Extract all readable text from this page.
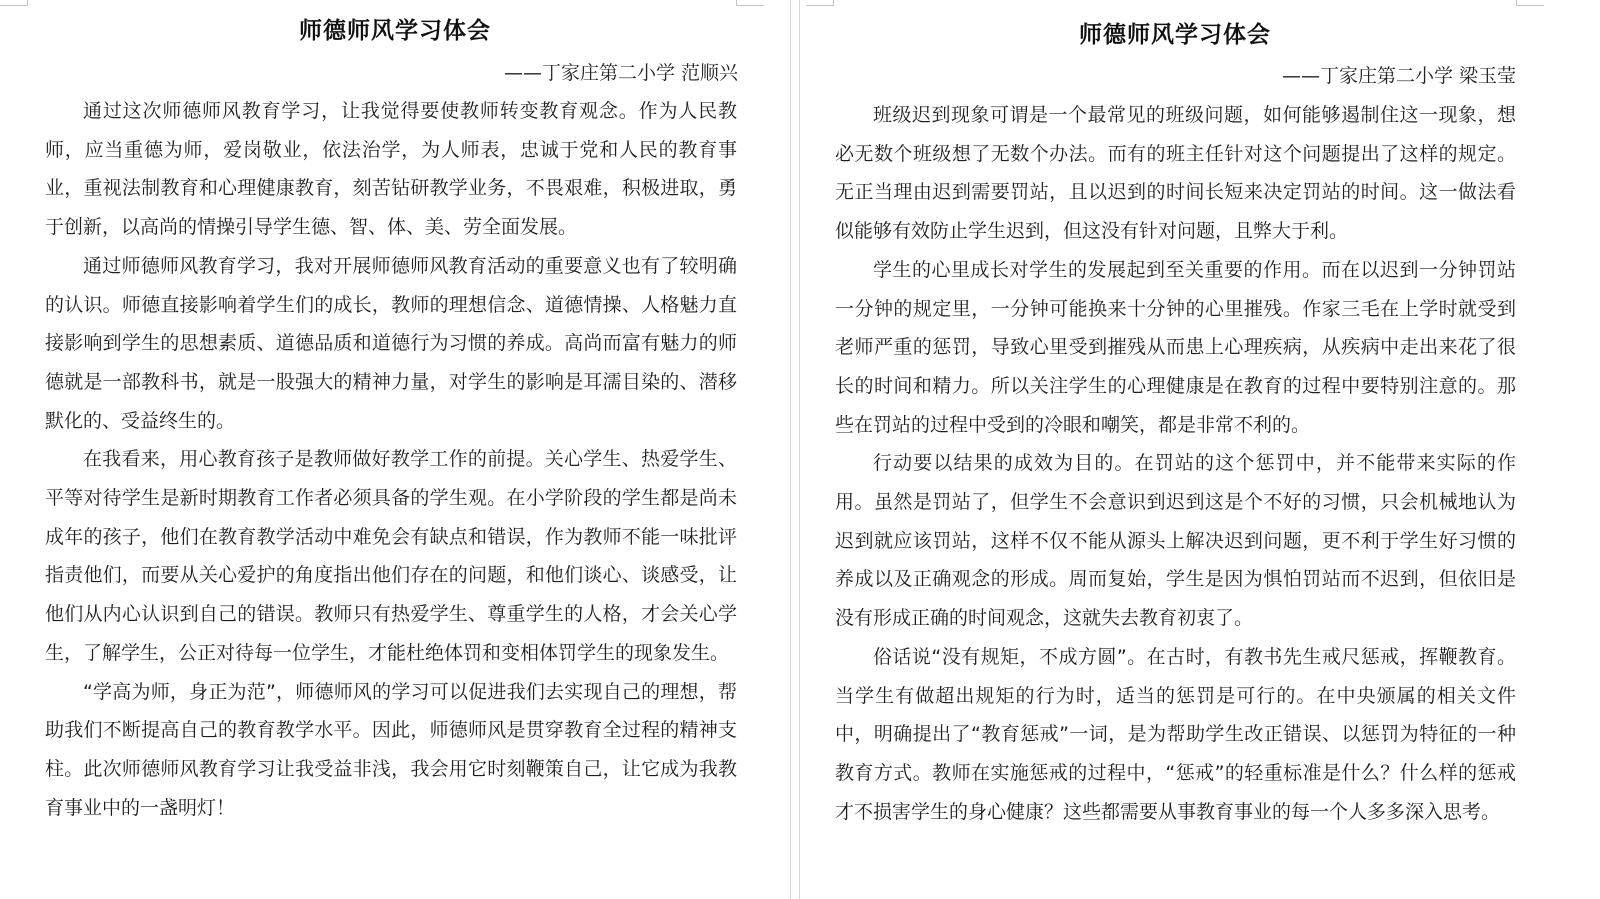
师德师风学习体会
——丁家庄第二小学 范顺兴

通过这次师德师风教育学习，让我觉得要使教师转变教育观念。作为人民教师，应当重德为师，爱岗敬业，依法治学，为人师表，忠诚于党和人民的教育事业，重视法制教育和心理健康教育，刻苦钻研教学业务，不畏艰难，积极进取，勇于创新，以高尚的情操引导学生德、智、体、美、劳全面发展。

通过师德师风教育学习，我对开展师德师风教育活动的重要意义也有了较明确的认识。师德直接影响着学生们的成长，教师的理想信念、道德情操、人格魅力直接影响到学生的思想素质、道德品质和道德行为习惯的养成。高尚而富有魅力的师德就是一部教科书，就是一股强大的精神力量，对学生的影响是耳濡目染的、潜移默化的、受益终生的。

在我看来，用心教育孩子是教师做好教学工作的前提。关心学生、热爱学生、平等对待学生是新时期教育工作者必须具备的学生观。在小学阶段的学生都是尚未成年的孩子，他们在教育教学活动中难免会有缺点和错误，作为教师不能一味批评指责他们，而要从关心爱护的角度指出他们存在的问题，和他们谈心、谈感受，让他们从内心认识到自己的错误。教师只有热爱学生、尊重学生的人格，才会关心学生，了解学生，公正对待每一位学生，才能杜绝体罚和变相体罚学生的现象发生。

“学高为师，身正为范”，师德师风的学习可以促进我们去实现自己的理想，帮助我们不断提高自己的教育教学水平。因此，师德师风是贯穿教育全过程的精神支柱。此次师德师风教育学习让我受益非浅，我会用它时刻鞭策自己，让它成为我教育事业中的一盏明灯！

师德师风学习体会
——丁家庄第二小学 梁玉莹

班级迟到现象可谓是一个最常见的班级问题，如何能够遏制住这一现象，想必无数个班级想了无数个办法。而有的班主任针对这个问题提出了这样的规定。无正当理由迟到需要罚站，且以迟到的时间长短来决定罚站的时间。这一做法看似能够有效防止学生迟到，但这没有针对问题，且弊大于利。

学生的心里成长对学生的发展起到至关重要的作用。而在以迟到一分钟罚站一分钟的规定里，一分钟可能换来十分钟的心里摧残。作家三毛在上学时就受到老师严重的惩罚，导致心里受到摧残从而患上心理疾病，从疾病中走出来花了很长的时间和精力。所以关注学生的心理健康是在教育的过程中要特别注意的。那些在罚站的过程中受到的冷眼和嘲笑，都是非常不利的。

行动要以结果的成效为目的。在罚站的这个惩罚中，并不能带来实际的作用。虽然是罚站了，但学生不会意识到迟到这是个不好的习惯，只会机械地认为迟到就应该罚站，这样不仅不能从源头上解决迟到问题，更不利于学生好习惯的养成以及正确观念的形成。周而复始，学生是因为惧怕罚站而不迟到，但依旧是没有形成正确的时间观念，这就失去教育初衷了。

俗话说“没有规矩，不成方圆”。在古时，有教书先生戒尺惩戒，挥鞭教育。当学生有做超出规矩的行为时，适当的惩罚是可行的。在中央颁属的相关文件中，明确提出了“教育惩戒”一词，是为帮助学生改正错误、以惩罚为特征的一种教育方式。教师在实施惩戒的过程中，“惩戒”的轻重标准是什么？什么样的惩戒才不损害学生的身心健康？这些都需要从事教育事业的每一个人多多深入思考。
